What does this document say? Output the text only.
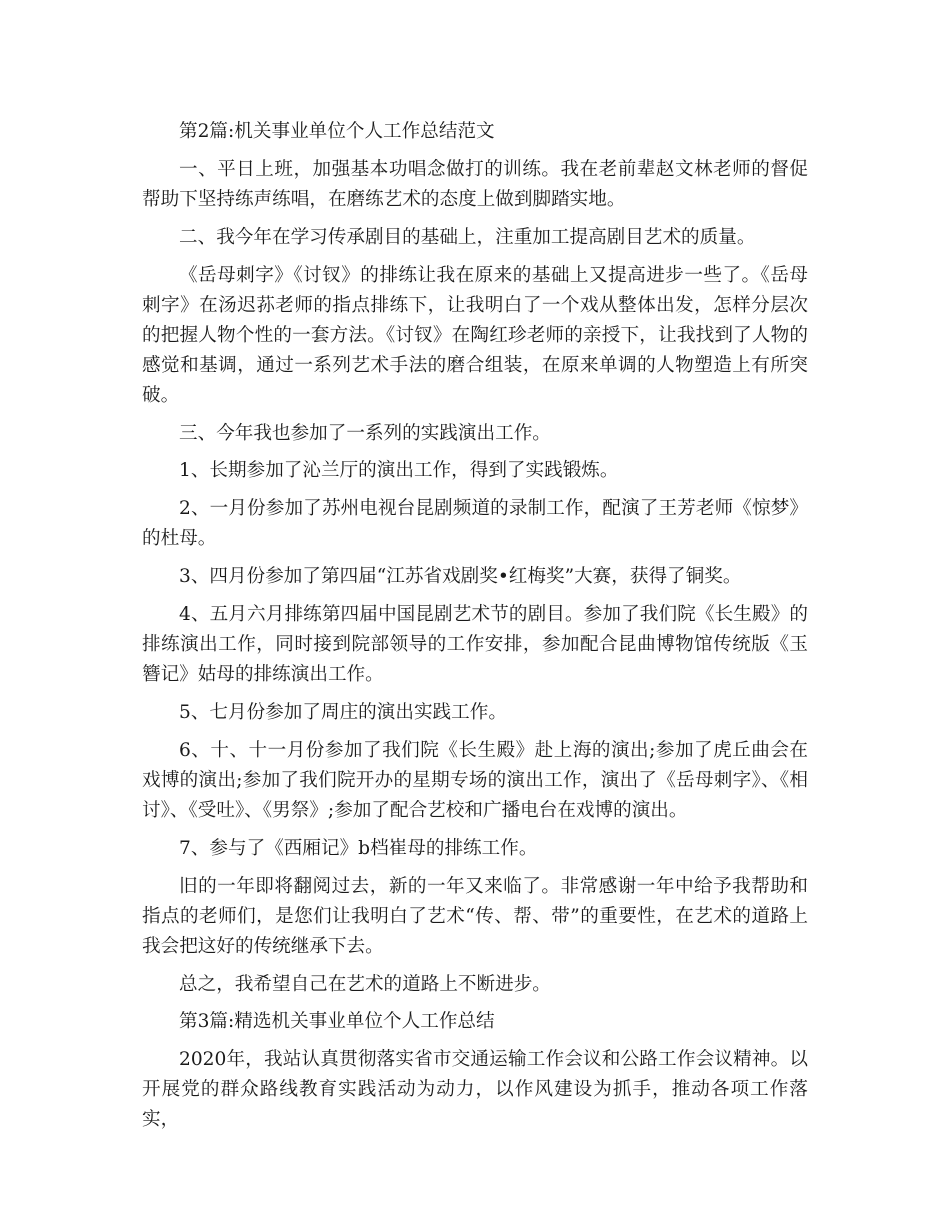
第2篇:机关事业单位个人工作总结范文

一、平日上班，加强基本功唱念做打的训练。我在老前辈赵文林老师的督促帮助下坚持练声练唱，在磨练艺术的态度上做到脚踏实地。

二、我今年在学习传承剧目的基础上，注重加工提高剧目艺术的质量。

《岳母刺字》《讨钗》的排练让我在原来的基础上又提高进步一些了。《岳母刺字》在汤迟荪老师的指点排练下，让我明白了一个戏从整体出发，怎样分层次的把握人物个性的一套方法。《讨钗》在陶红珍老师的亲授下，让我找到了人物的感觉和基调，通过一系列艺术手法的磨合组装，在原来单调的人物塑造上有所突破。

三、今年我也参加了一系列的实践演出工作。

1、长期参加了沁兰厅的演出工作，得到了实践锻炼。

2、一月份参加了苏州电视台昆剧频道的录制工作，配演了王芳老师《惊梦》的杜母。

3、四月份参加了第四届“江苏省戏剧奖•红梅奖”大赛，获得了铜奖。

4、五月六月排练第四届中国昆剧艺术节的剧目。参加了我们院《长生殿》的排练演出工作，同时接到院部领导的工作安排，参加配合昆曲博物馆传统版《玉簪记》姑母的排练演出工作。

5、七月份参加了周庄的演出实践工作。

6、十、十一月份参加了我们院《长生殿》赴上海的演出;参加了虎丘曲会在戏博的演出;参加了我们院开办的星期专场的演出工作，演出了《岳母刺字》、《相讨》、《受吐》、《男祭》;参加了配合艺校和广播电台在戏博的演出。

7、参与了《西厢记》b档崔母的排练工作。

旧的一年即将翻阅过去，新的一年又来临了。非常感谢一年中给予我帮助和指点的老师们，是您们让我明白了艺术“传、帮、带”的重要性，在艺术的道路上我会把这好的传统继承下去。

总之，我希望自己在艺术的道路上不断进步。

第3篇:精选机关事业单位个人工作总结

2020年，我站认真贯彻落实省市交通运输工作会议和公路工作会议精神。以开展党的群众路线教育实践活动为动力，以作风建设为抓手，推动各项工作落实，
